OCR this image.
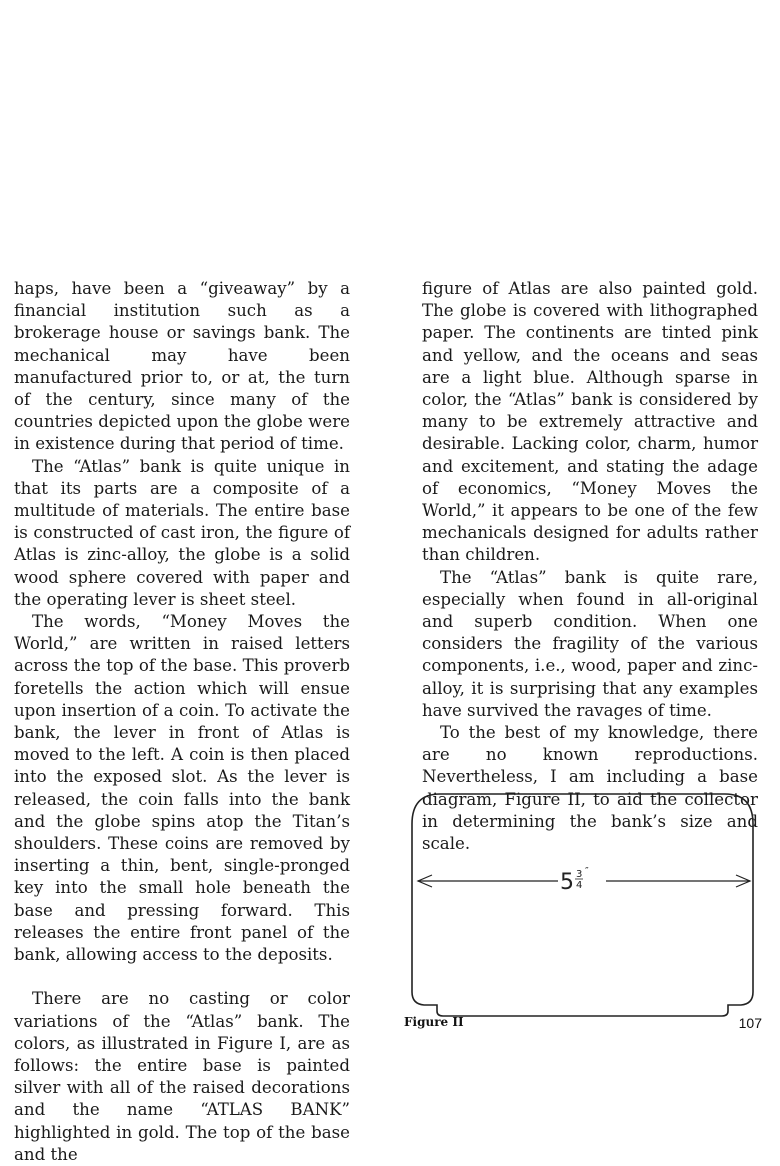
haps, have been a “giveaway” by a financial institution such as a brokerage house or savings bank. The mechanical may have been manufactured prior to, or at, the turn of the century, since many of the countries depicted upon the globe were in existence during that period of time.

The “Atlas” bank is quite unique in that its parts are a composite of a multitude of materials. The entire base is constructed of cast iron, the figure of Atlas is zinc-alloy, the globe is a solid wood sphere covered with paper and the operating lever is sheet steel.

The words, “Money Moves the World,” are written in raised letters across the top of the base. This proverb foretells the action which will ensue upon insertion of a coin. To activate the bank, the lever in front of Atlas is moved to the left. A coin is then placed into the exposed slot. As the lever is released, the coin falls into the bank and the globe spins atop the Titan’s shoulders. These coins are removed by inserting a thin, bent, single-pronged key into the small hole beneath the base and pressing forward. This releases the entire front panel of the bank, allowing access to the deposits.

There are no casting or color variations of the “Atlas” bank. The colors, as illustrated in Figure I, are as follows: the entire base is painted silver with all of the raised decorations and the name “ATLAS BANK” highlighted in gold. The top of the base and the

figure of Atlas are also painted gold. The globe is covered with lithographed paper. The continents are tinted pink and yellow, and the oceans and seas are a light blue. Although sparse in color, the “Atlas” bank is considered by many to be extremely attractive and desirable. Lacking color, charm, humor and excitement, and stating the adage of economics, “Money Moves the World,” it appears to be one of the few mechanicals designed for adults rather than children.

The “Atlas” bank is quite rare, especially when found in all-original and superb condition. When one considers the fragility of the various components, i.e., wood, paper and zinc-alloy, it is surprising that any examples have survived the ravages of time.

To the best of my knowledge, there are no known reproductions. Nevertheless, I am including a base diagram, Figure II, to aid the collector in determining the bank’s size and scale.

5 3
4
″
Figure II	107
